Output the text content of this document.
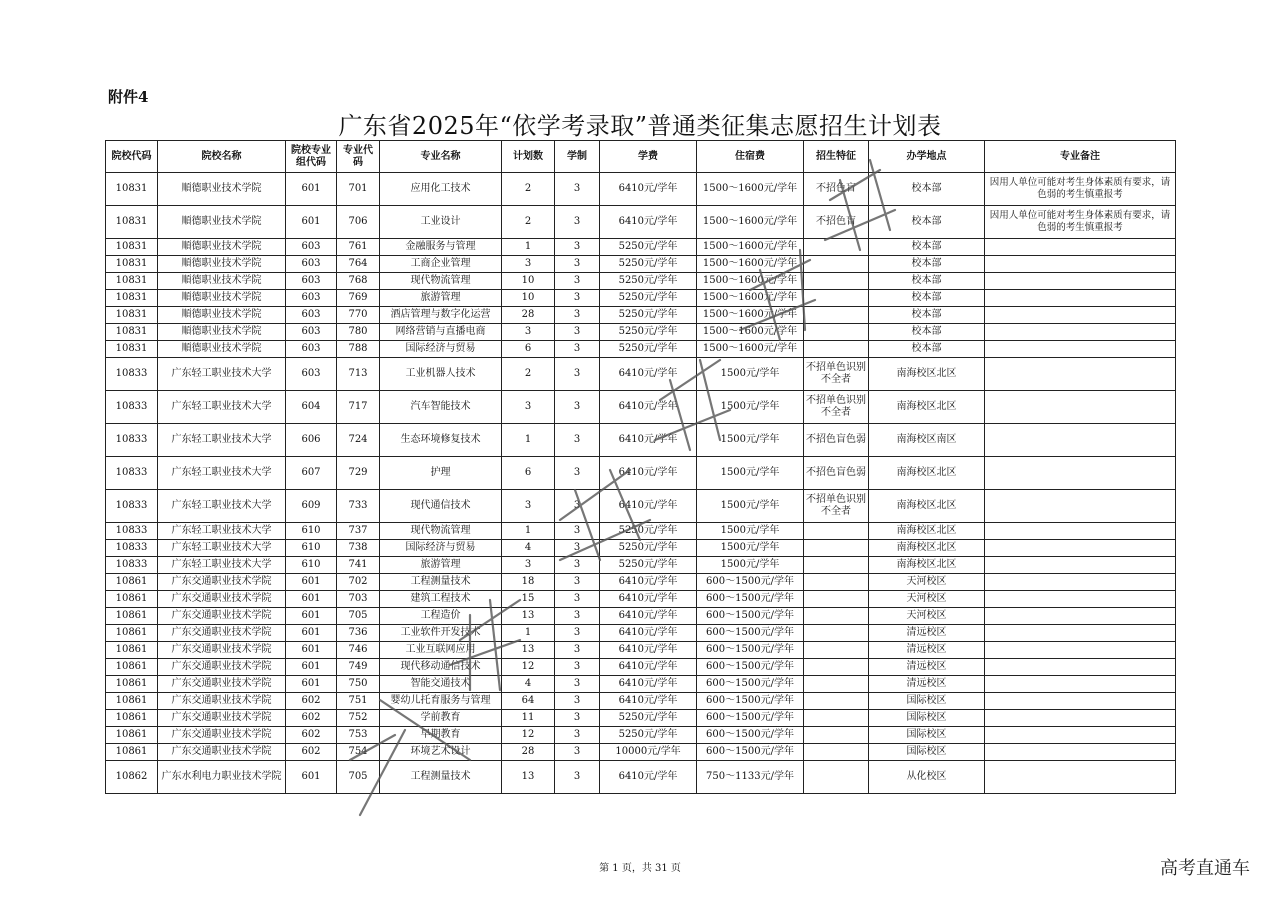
附件4
广东省2025年“依学考录取”普通类征集志愿招生计划表
院校代码	院校名称	院校专业组代码	专业代码	专业名称	计划数	学制	学费	住宿费	招生特征	办学地点	专业备注
10831	順德职业技术学院	601	701	应用化工技术	2	3	6410元/学年	1500～1600元/学年	不招色盲	校本部	因用人单位可能对考生身体素质有要求，请色弱的考生慎重报考
10831	順德职业技术学院	601	706	工业设计	2	3	6410元/学年	1500～1600元/学年	不招色盲	校本部	因用人单位可能对考生身体素质有要求，请色弱的考生慎重报考
10831	順德职业技术学院	603	761	金融服务与管理	1	3	5250元/学年	1500～1600元/学年		校本部	
10831	順德职业技术学院	603	764	工商企业管理	3	3	5250元/学年	1500～1600元/学年		校本部	
10831	順德职业技术学院	603	768	现代物流管理	10	3	5250元/学年	1500～1600元/学年		校本部	
10831	順德职业技术学院	603	769	旅游管理	10	3	5250元/学年	1500～1600元/学年		校本部	
10831	順德职业技术学院	603	770	酒店管理与数字化运营	28	3	5250元/学年	1500～1600元/学年		校本部	
10831	順德职业技术学院	603	780	网络营销与直播电商	3	3	5250元/学年	1500～1600元/学年		校本部	
10831	順德职业技术学院	603	788	国际经济与贸易	6	3	5250元/学年	1500～1600元/学年		校本部	
10833	广东轻工职业技术大学	603	713	工业机器人技术	2	3	6410元/学年	1500元/学年	不招单色识别不全者	南海校区北区	
10833	广东轻工职业技术大学	604	717	汽车智能技术	3	3	6410元/学年	1500元/学年	不招单色识别不全者	南海校区北区	
10833	广东轻工职业技术大学	606	724	生态环境修复技术	1	3	6410元/学年	1500元/学年	不招色盲色弱	南海校区南区	
10833	广东轻工职业技术大学	607	729	护理	6	3	6410元/学年	1500元/学年	不招色盲色弱	南海校区北区	
10833	广东轻工职业技术大学	609	733	现代通信技术	3	3	6410元/学年	1500元/学年	不招单色识别不全者	南海校区北区	
10833	广东轻工职业技术大学	610	737	现代物流管理	1	3	5250元/学年	1500元/学年		南海校区北区	
10833	广东轻工职业技术大学	610	738	国际经济与贸易	4	3	5250元/学年	1500元/学年		南海校区北区	
10833	广东轻工职业技术大学	610	741	旅游管理	3	3	5250元/学年	1500元/学年		南海校区北区	
10861	广东交通职业技术学院	601	702	工程测量技术	18	3	6410元/学年	600～1500元/学年		天河校区	
10861	广东交通职业技术学院	601	703	建筑工程技术	15	3	6410元/学年	600～1500元/学年		天河校区	
10861	广东交通职业技术学院	601	705	工程造价	13	3	6410元/学年	600～1500元/学年		天河校区	
10861	广东交通职业技术学院	601	736	工业软件开发技术	1	3	6410元/学年	600～1500元/学年		清远校区	
10861	广东交通职业技术学院	601	746	工业互联网应用	13	3	6410元/学年	600～1500元/学年		清远校区	
10861	广东交通职业技术学院	601	749	现代移动通信技术	12	3	6410元/学年	600～1500元/学年		清远校区	
10861	广东交通职业技术学院	601	750	智能交通技术	4	3	6410元/学年	600～1500元/学年		清远校区	
10861	广东交通职业技术学院	602	751	婴幼儿托育服务与管理	64	3	6410元/学年	600～1500元/学年		国际校区	
10861	广东交通职业技术学院	602	752	学前教育	11	3	5250元/学年	600～1500元/学年		国际校区	
10861	广东交通职业技术学院	602	753	早期教育	12	3	5250元/学年	600～1500元/学年		国际校区	
10861	广东交通职业技术学院	602	754	环境艺术设计	28	3	10000元/学年	600～1500元/学年		国际校区	
10862	广东水利电力职业技术学院	601	705	工程测量技术	13	3	6410元/学年	750～1133元/学年		从化校区	
第 1 页，共 31 页	高考直通车
